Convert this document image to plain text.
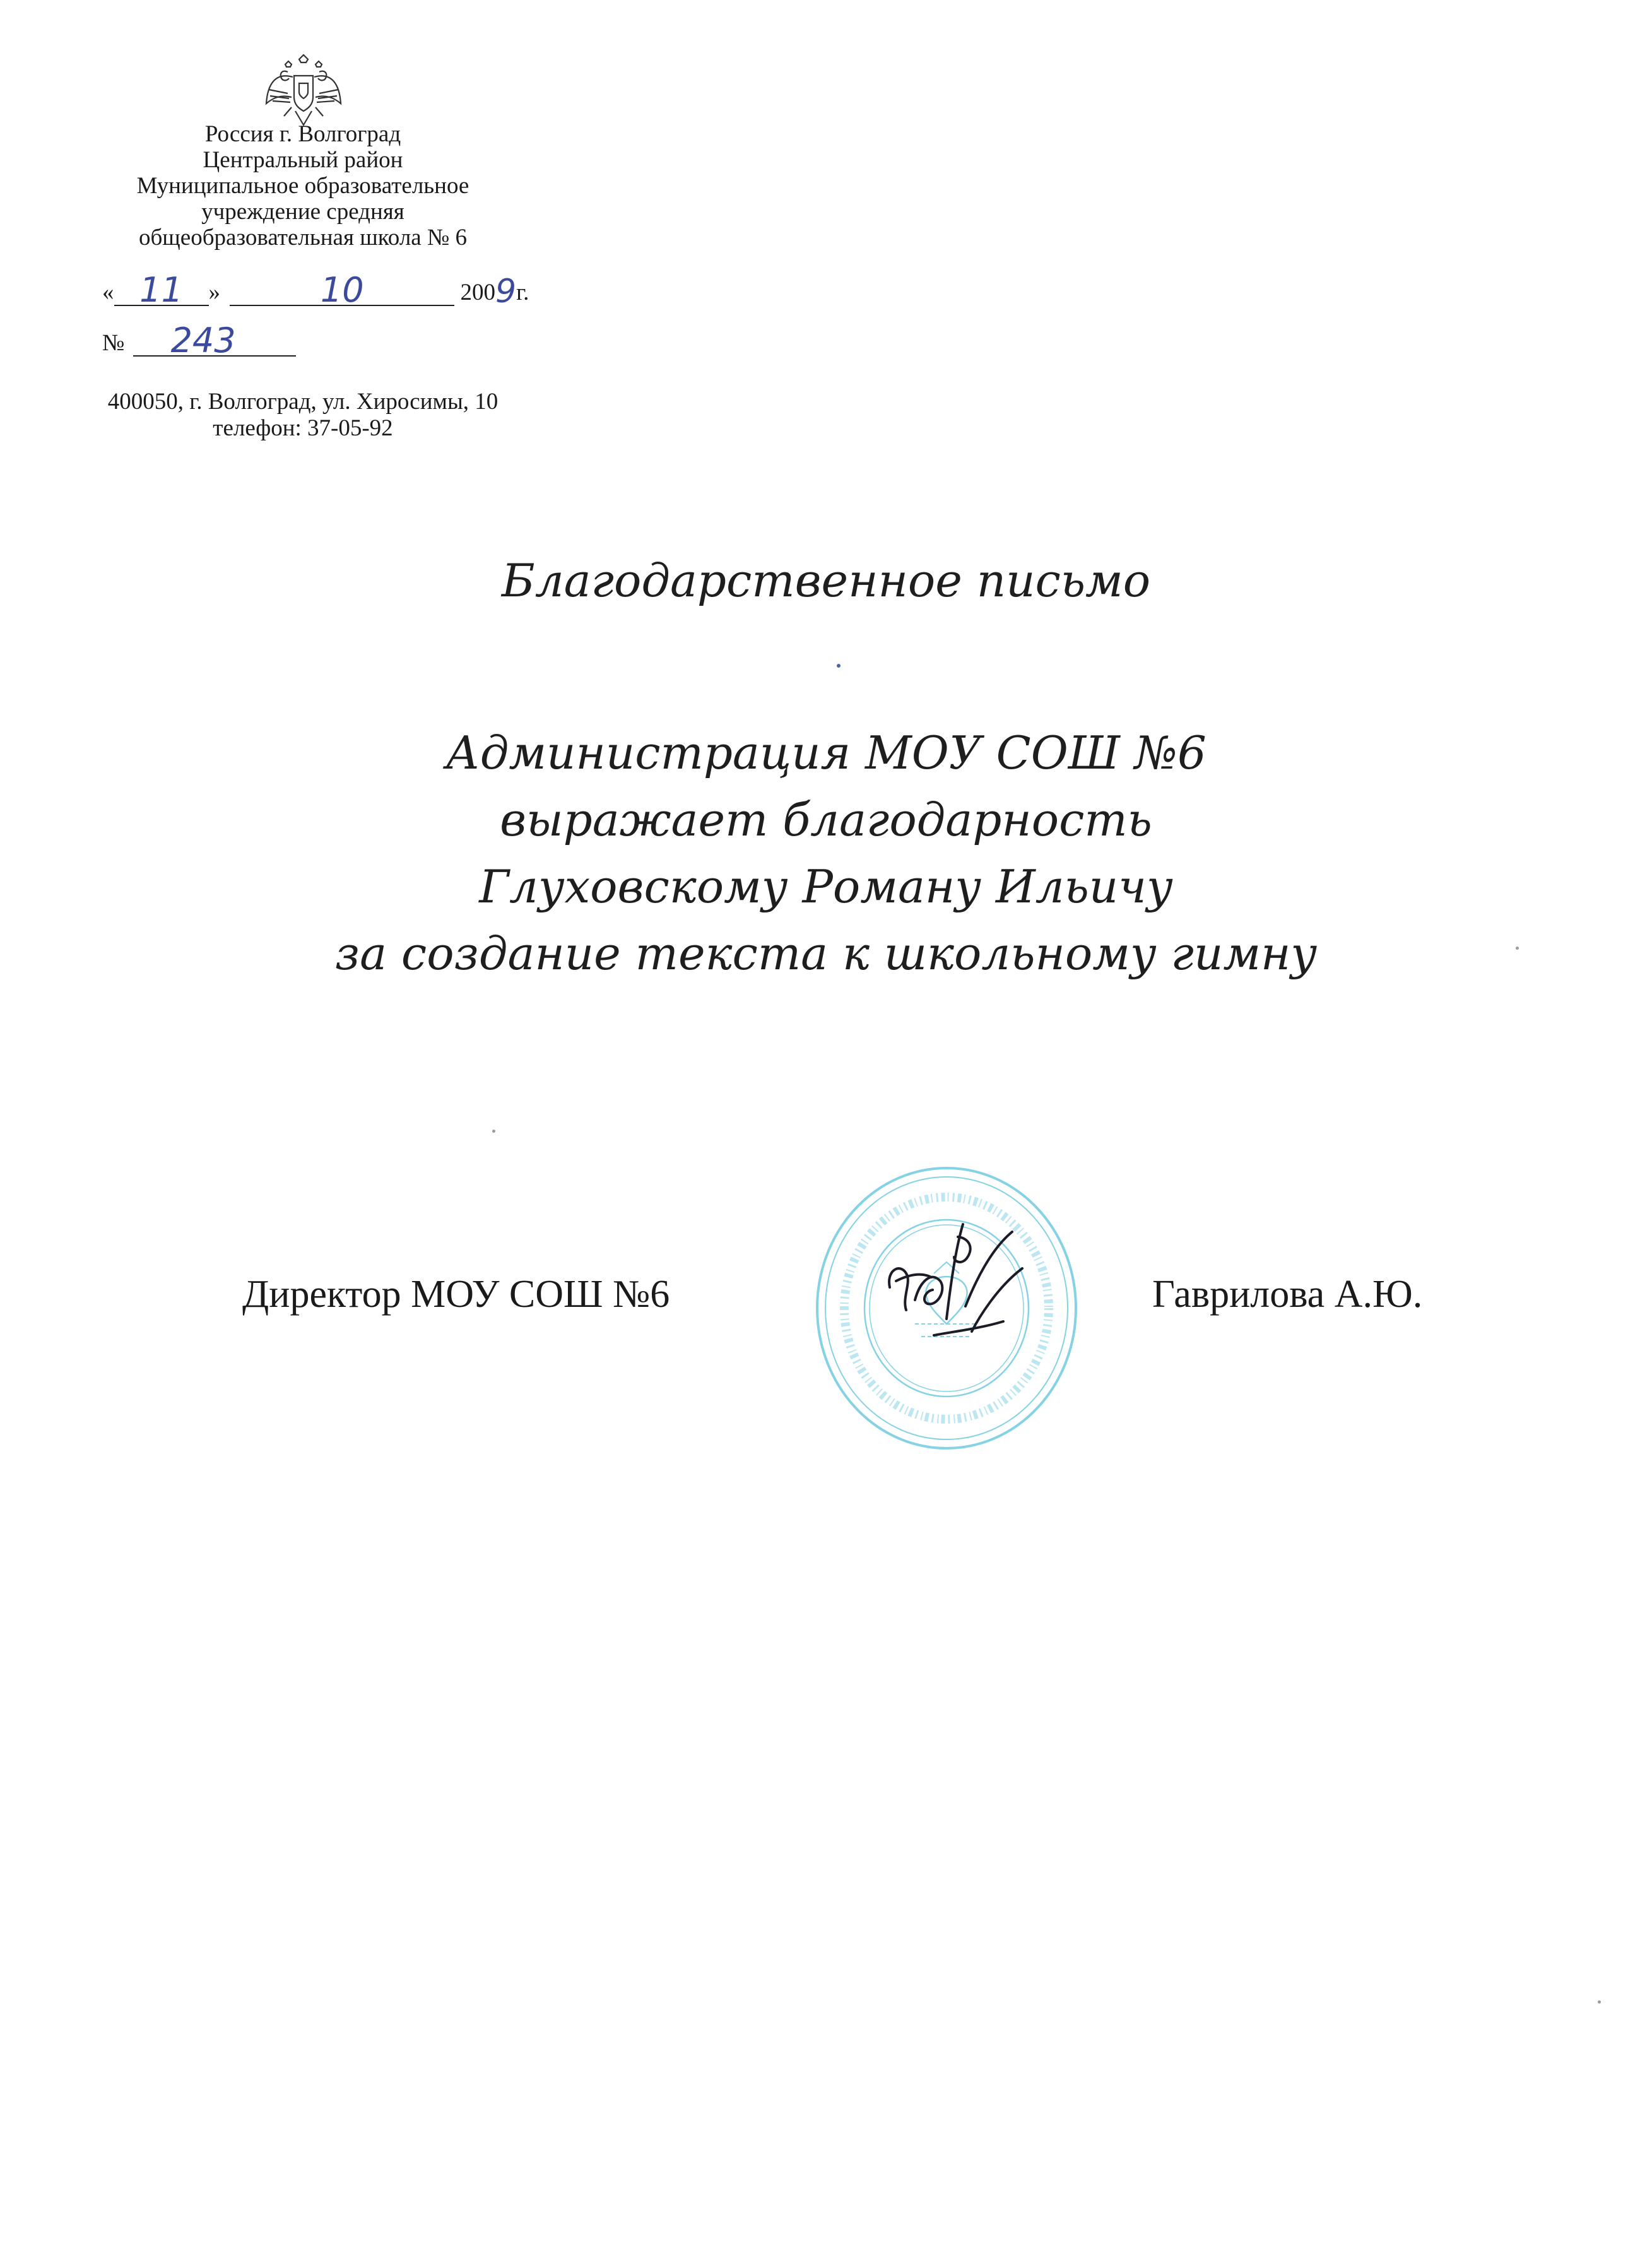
Россия г. Волгоград
Центральный район
Муниципальное образовательное
учреждение средняя
общеобразовательная школа № 6
« 11	»	10	2009г.
№ 243
400050, г. Волгоград, ул. Хиросимы, 10
телефон: 37-05-92
Благодарственное письмо
Администрация МОУ СОШ №6
выражает благодарность
Глуховскому Роману Ильичу
за создание текста к школьному гимну
Директор МОУ СОШ №6	Гаврилова А.Ю.
